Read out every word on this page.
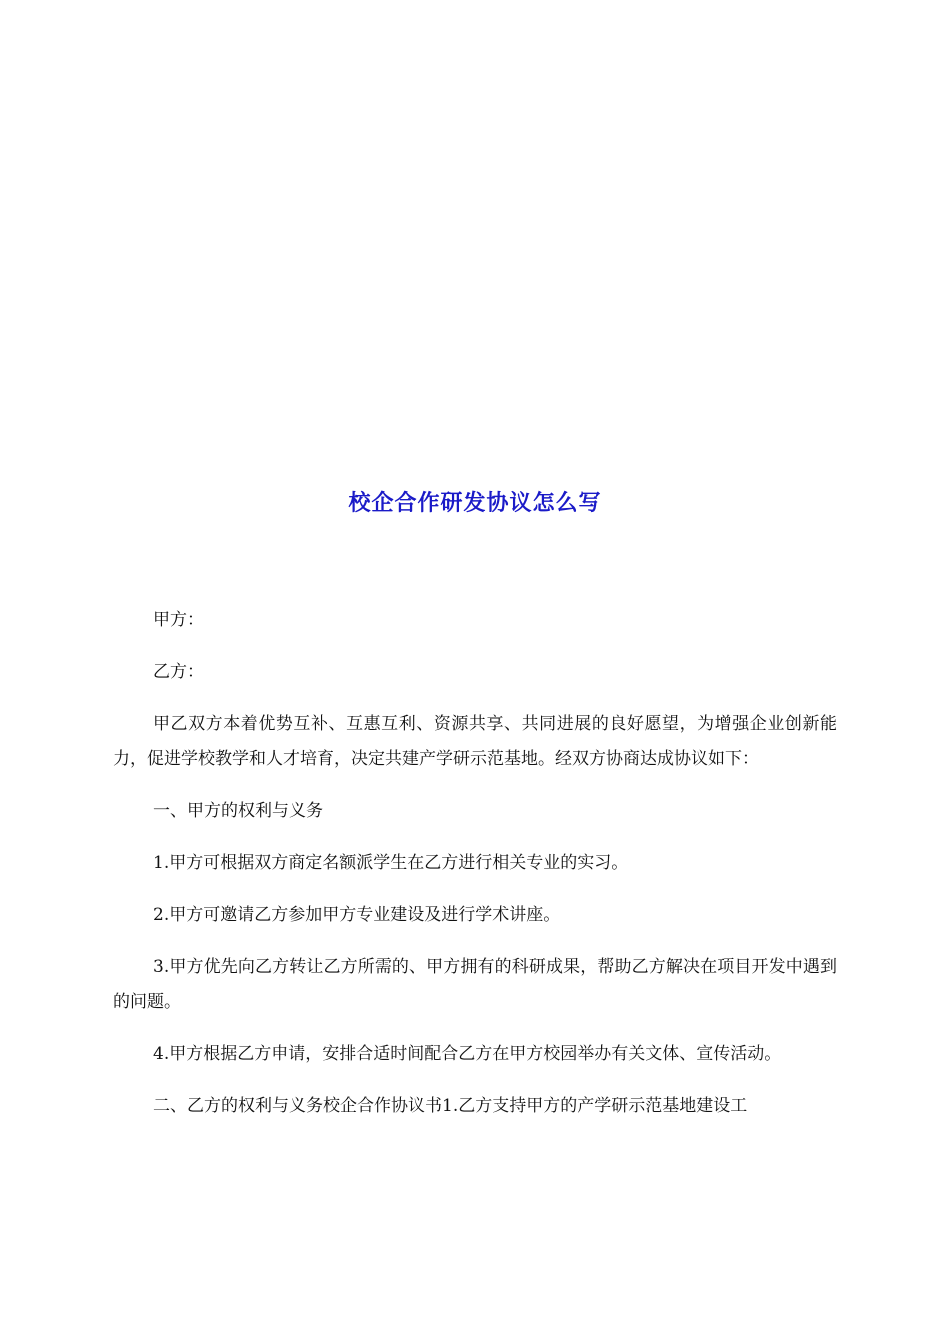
校企合作研发协议怎么写

甲方：

乙方：

甲乙双方本着优势互补、互惠互利、资源共享、共同进展的良好愿望，为增强企业创新能力，促进学校教学和人才培育，决定共建产学研示范基地。经双方协商达成协议如下：

一、甲方的权利与义务

1.甲方可根据双方商定名额派学生在乙方进行相关专业的实习。

2.甲方可邀请乙方参加甲方专业建设及进行学术讲座。

3.甲方优先向乙方转让乙方所需的、甲方拥有的科研成果，帮助乙方解决在项目开发中遇到的问题。

4.甲方根据乙方申请，安排合适时间配合乙方在甲方校园举办有关文体、宣传活动。

二、乙方的权利与义务校企合作协议书1.乙方支持甲方的产学研示范基地建设工
